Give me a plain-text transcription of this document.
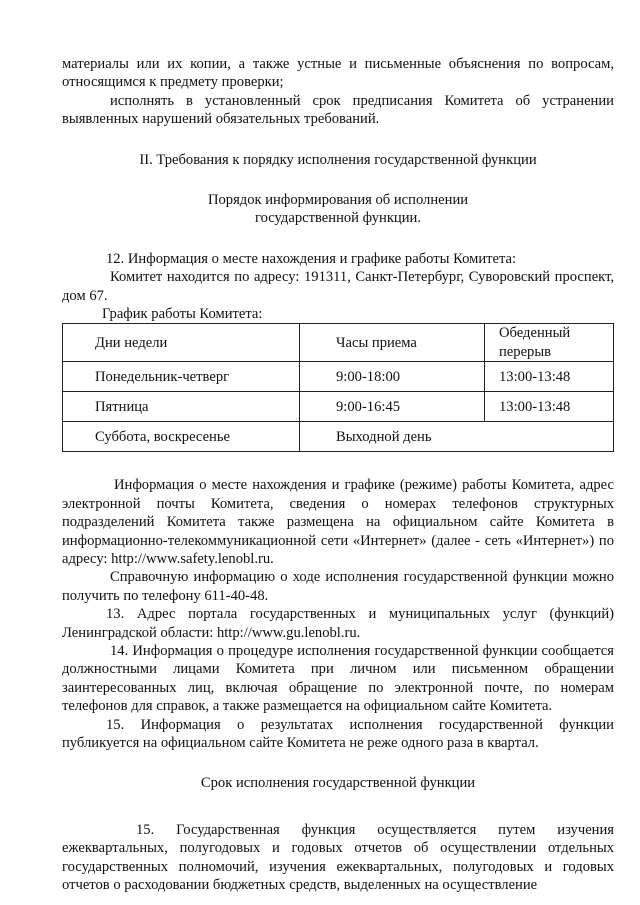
материалы или их копии, а также устные и письменные объяснения по вопросам, относящимся к предмету проверки;

исполнять в установленный срок предписания Комитета об устранении выявленных нарушений обязательных требований.

II. Требования к порядку исполнения государственной функции

Порядок информирования об исполнении

государственной функции.

12. Информация о месте нахождения и графике работы Комитета:

Комитет находится по адресу: 191311, Санкт-Петербург, Суворовский проспект, дом 67.

График работы Комитета:

Дни недели	Часы приема	Обеденный перерыв
Понедельник-четверг	9:00-18:00	13:00-13:48
Пятница	9:00-16:45	13:00-13:48
Суббота, воскресенье	Выходной день	

Информация о месте нахождения и графике (режиме) работы Комитета, адрес электронной почты Комитета, сведения о номерах телефонов структурных подразделений Комитета также размещена на официальном сайте Комитета в информационно-телекоммуникационной сети «Интернет» (далее - сеть «Интернет») по адресу: http://www.safety.lenobl.ru.

Справочную информацию о ходе исполнения государственной функции можно получить по телефону 611-40-48.

13. Адрес портала государственных и муниципальных услуг (функций) Ленинградской области: http://www.gu.lenobl.ru.

14. Информация о процедуре исполнения государственной функции сообщается должностными лицами Комитета при личном или письменном обращении заинтересованных лиц, включая обращение по электронной почте, по номерам телефонов для справок, а также размещается на официальном сайте Комитета.

15. Информация о результатах исполнения государственной функции публикуется на официальном сайте Комитета не реже одного раза в квартал.

Срок исполнения государственной функции

15. Государственная функция осуществляется путем изучения ежеквартальных, полугодовых и годовых отчетов об осуществлении отдельных государственных полномочий, изучения ежеквартальных, полугодовых и годовых отчетов о расходовании бюджетных средств, выделенных на осуществление
